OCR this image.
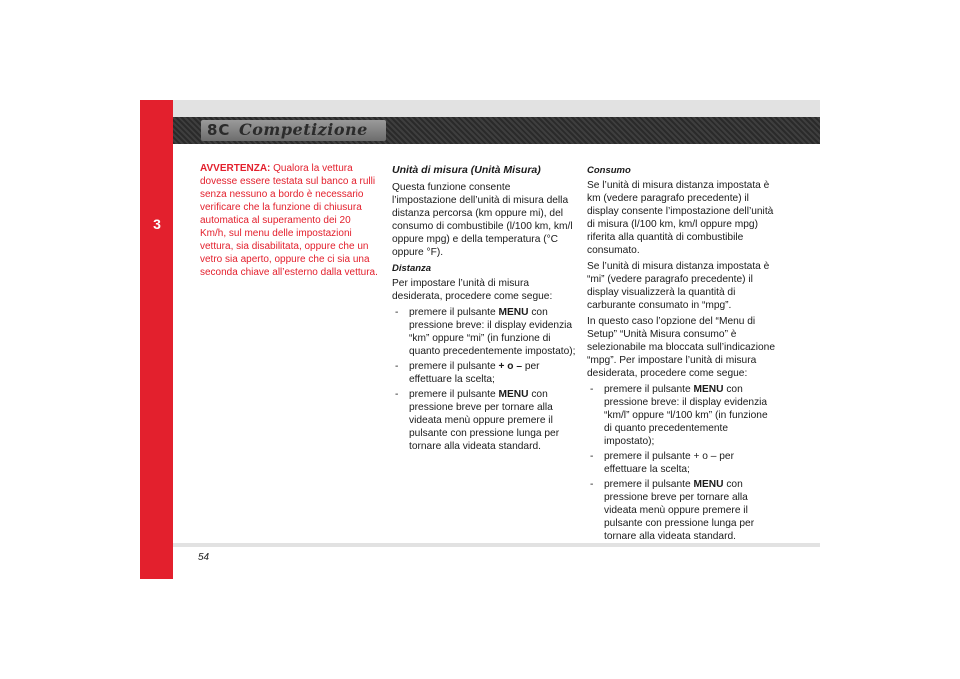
3
8C Competizione

AVVERTENZA: Qualora la vettura dovesse essere testata sul banco a rulli senza nessuno a bordo è necessario verificare che la funzione di chiusura automatica al superamento dei 20 Km/h, sul menu delle impostazioni vettura, sia disabilitata, oppure che un vetro sia aperto, oppure che ci sia una seconda chiave all’esterno dalla vettura.

Unità di misura (Unità Misura)

Questa funzione consente l’impostazione dell’unità di misura della distanza percorsa (km oppure mi), del consumo di combustibile (l/100 km, km/l oppure mpg) e della temperatura (°C oppure °F).

Distanza

Per impostare l’unità di misura desiderata, procedere come segue:

- premere il pulsante MENU con pressione breve: il display evidenzia “km” oppure “mi” (in funzione di quanto precedentemente impostato);
- premere il pulsante + o – per effettuare la scelta;
- premere il pulsante MENU con pressione breve per tornare alla videata menù oppure premere il pulsante con pressione lunga per tornare alla videata standard.

Consumo

Se l’unità di misura distanza impostata è km (vedere paragrafo precedente) il display consente l’impostazione dell’unità di misura (l/100 km, km/l oppure mpg) riferita alla quantità di combustibile consumato.

Se l’unità di misura distanza impostata è “mi” (vedere paragrafo precedente) il display visualizzerà la quantità di carburante consumato in “mpg”.

In questo caso l’opzione del “Menu di Setup” “Unità Misura consumo” è selezionabile ma bloccata sull’indicazione “mpg”. Per impostare l’unità di misura desiderata, procedere come segue:

- premere il pulsante MENU con pressione breve: il display evidenzia “km/l” oppure “l/100 km” (in funzione di quanto precedentemente impostato);
- premere il pulsante + o – per effettuare la scelta;
- premere il pulsante MENU con pressione breve per tornare alla videata menù oppure premere il pulsante con pressione lunga per tornare alla videata standard.
54
